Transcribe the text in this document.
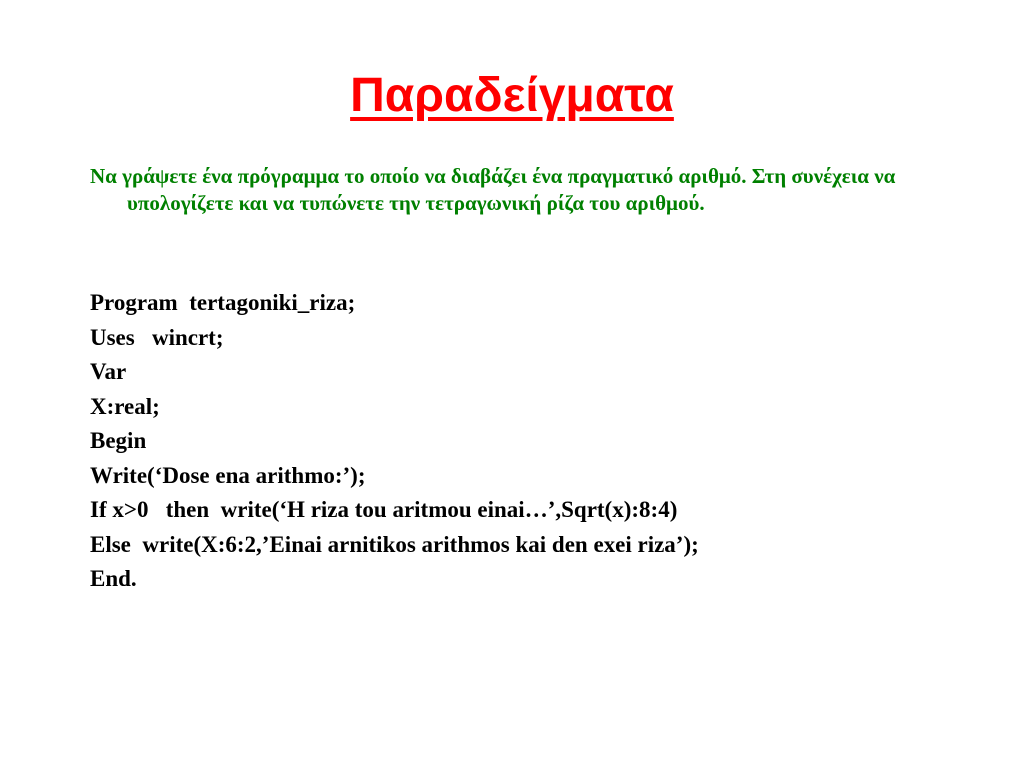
Παραδείγματα

Να γράψετε ένα πρόγραμμα το οποίο να διαβάζει ένα πραγματικό αριθμό. Στη συνέχεια να υπολογίζετε και να τυπώνετε την τετραγωνική ρίζα του αριθμού.

Program  tertagoniki_riza;
Uses   wincrt;
Var
X:real;
Begin
Write(‘Dose ena arithmo:’);
If x>0   then  write(‘H riza tou aritmou einai…’,Sqrt(x):8:4)
Else  write(X:6:2,’Einai arnitikos arithmos kai den exei riza’);
End.
